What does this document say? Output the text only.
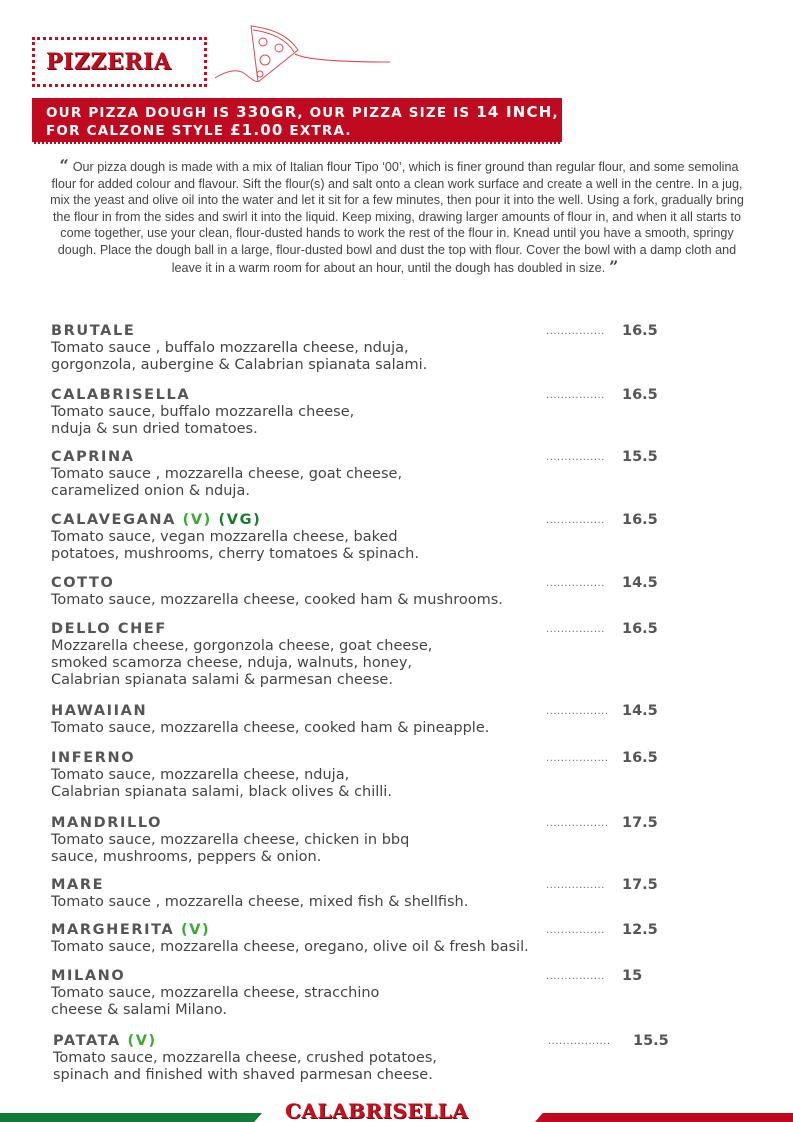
PIZZERIA
OUR PIZZA DOUGH IS 330GR, OUR PIZZA SIZE IS 14 INCH,
FOR CALZONE STYLE £1.00 EXTRA.

“ Our pizza dough is made with a mix of Italian flour Tipo ‘00’, which is finer ground than regular flour, and some semolina flour for added colour and flavour. Sift the flour(s) and salt onto a clean work surface and create a well in the centre. In a jug, mix the yeast and olive oil into the water and let it sit for a few minutes, then pour it into the well. Using a fork, gradually bring the flour in from the sides and swirl it into the liquid. Keep mixing, drawing larger amounts of flour in, and when it all starts to come together, use your clean, flour-dusted hands to work the rest of the flour in. Knead until you have a smooth, springy dough. Place the dough ball in a large, flour-dusted bowl and dust the top with flour. Cover the bowl with a damp cloth and leave it in a warm room for about an hour, until the dough has doubled in size. ”

BRUTALE
Tomato sauce , buffalo mozzarella cheese, nduja,
gorgonzola, aubergine & Calabrian spianata salami.
................ 16.5
CALABRISELLA
Tomato sauce, buffalo mozzarella cheese,
nduja & sun dried tomatoes.
................ 16.5
CAPRINA
Tomato sauce , mozzarella cheese, goat cheese,
caramelized onion & nduja.
................ 15.5
CALAVEGANA (V) (VG)
Tomato sauce, vegan mozzarella cheese, baked
potatoes, mushrooms, cherry tomatoes & spinach.
................ 16.5
COTTO
Tomato sauce, mozzarella cheese, cooked ham & mushrooms.
................ 14.5
DELLO CHEF
Mozzarella cheese, gorgonzola cheese, goat cheese,
smoked scamorza cheese, nduja, walnuts, honey,
Calabrian spianata salami & parmesan cheese.
................ 16.5
HAWAIIAN
Tomato sauce, mozzarella cheese, cooked ham & pineapple.
................. 14.5
INFERNO
Tomato sauce, mozzarella cheese, nduja,
Calabrian spianata salami, black olives & chilli.
................. 16.5
MANDRILLO
Tomato sauce, mozzarella cheese, chicken in bbq
sauce, mushrooms, peppers & onion.
................. 17.5
MARE
Tomato sauce , mozzarella cheese, mixed fish & shellfish.
................ 17.5
MARGHERITA (V)
Tomato sauce, mozzarella cheese, oregano, olive oil & fresh basil.
................ 12.5
MILANO
Tomato sauce, mozzarella cheese, stracchino
cheese & salami Milano.
................ 15
PATATA (V)
Tomato sauce, mozzarella cheese, crushed potatoes,
spinach and finished with shaved parmesan cheese.
................. 15.5
CALABRISELLA
